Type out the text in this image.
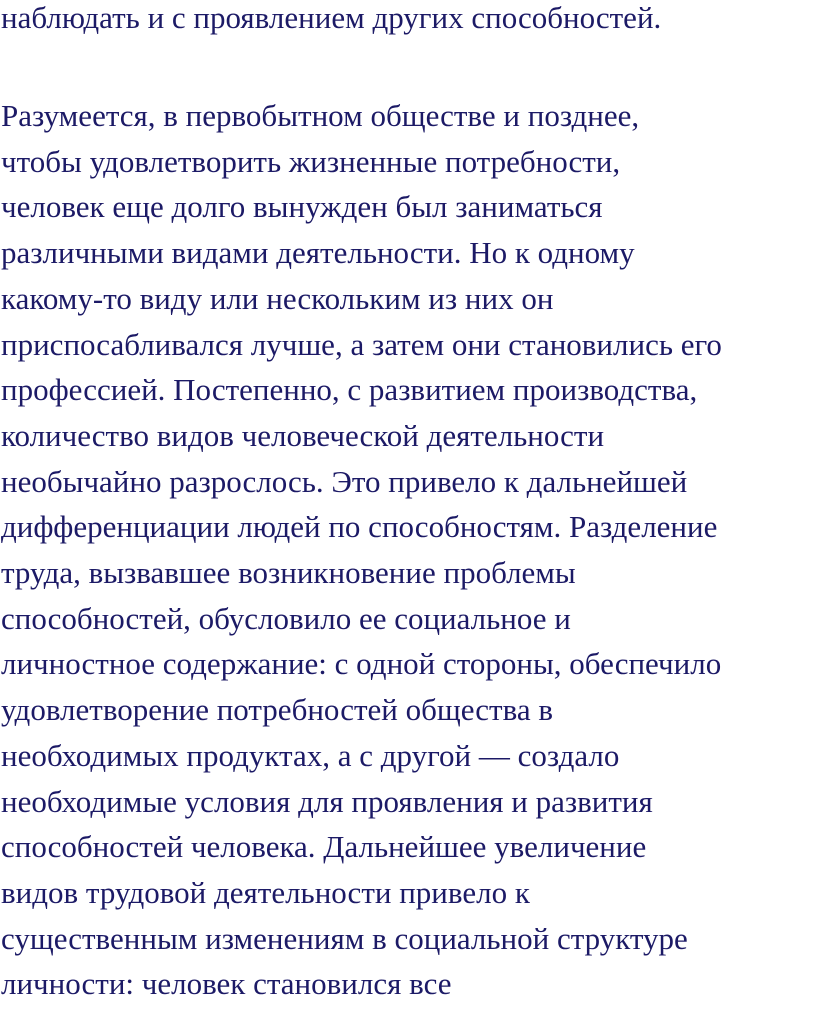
наблюдать и с проявлением других способностей.

Разумеется, в первобытном обществе и позднее,

чтобы удовлетворить жизненные потребности,

человек еще долго вынужден был заниматься

различными видами деятельности. Но к одному

какому-то виду или нескольким из них он

приспосабливался лучше, а затем они становились его

профессией. Постепенно, с развитием производства,

количество видов человеческой деятельности

необычайно разрослось. Это привело к дальнейшей

дифференциации людей по способностям. Разделение

труда, вызвавшее возникновение проблемы

способностей, обусловило ее социальное и

личностное содержание: с одной стороны, обеспечило

удовлетворение потребностей общества в

необходимых продуктах, а с другой — создало

необходимые условия для проявления и развития

способностей человека. Дальнейшее увеличение

видов трудовой деятельности привело к

существенным изменениям в социальной структуре

личности: человек становился все
